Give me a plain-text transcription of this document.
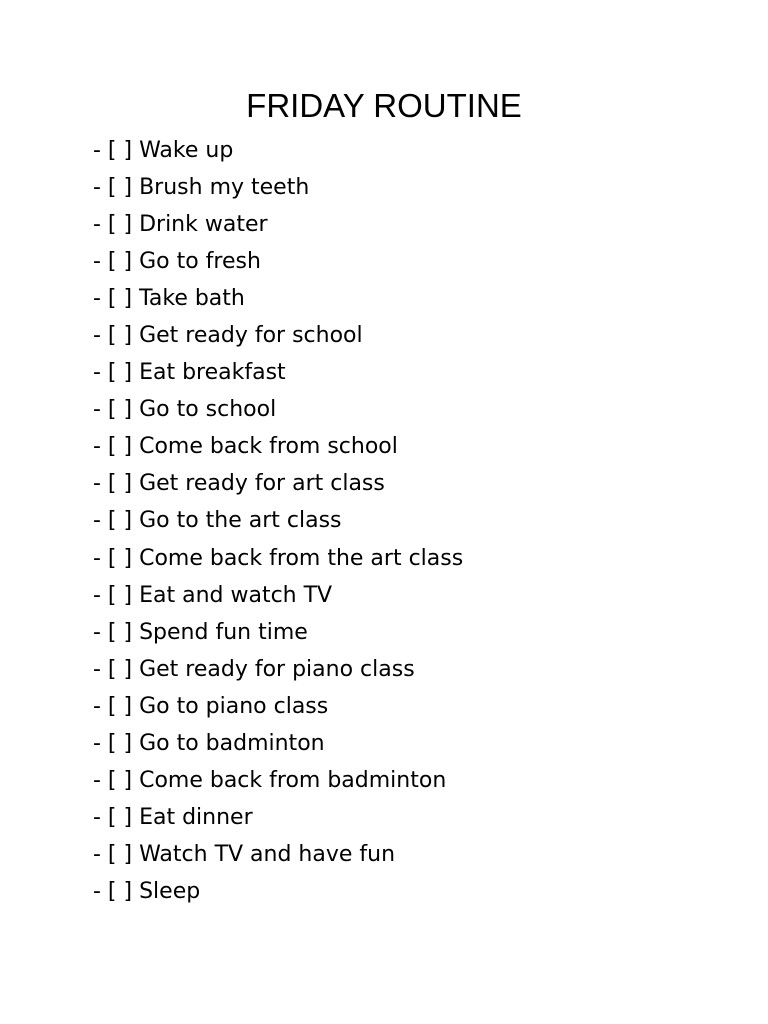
FRIDAY ROUTINE
- [ ] Wake up
- [ ] Brush my teeth
- [ ] Drink water
- [ ] Go to fresh
- [ ] Take bath
- [ ] Get ready for school
- [ ] Eat breakfast
- [ ] Go to school
- [ ] Come back from school
- [ ] Get ready for art class
- [ ] Go to the art class
- [ ] Come back from the art class
- [ ] Eat and watch TV
- [ ] Spend fun time
- [ ] Get ready for piano class
- [ ] Go to piano class
- [ ] Go to badminton
- [ ] Come back from badminton
- [ ] Eat dinner
- [ ] Watch TV and have fun
- [ ] Sleep
